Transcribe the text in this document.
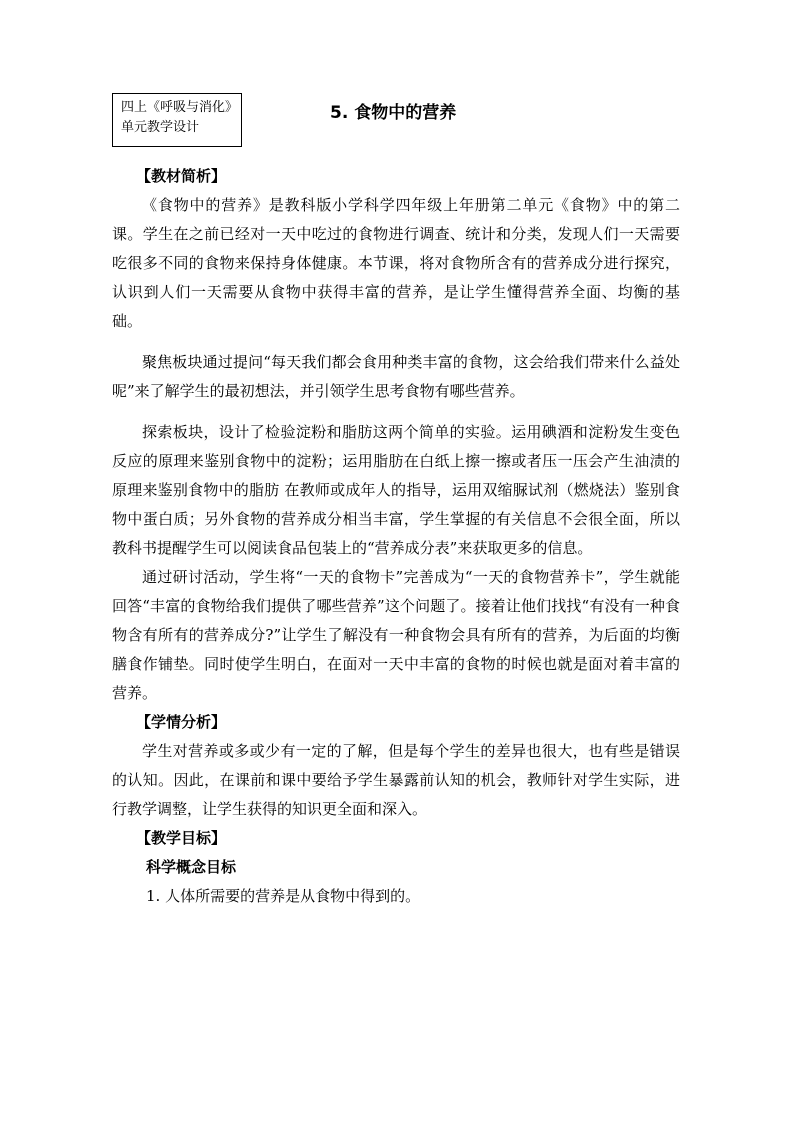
四上《呼吸与消化》
单元教学设计
5. 食物中的营养
【教材简析】

《食物中的营养》是教科版小学科学四年级上年册第二单元《食物》中的第二课。学生在之前已经对一天中吃过的食物进行调查、统计和分类，发现人们一天需要吃很多不同的食物来保持身体健康。本节课，将对食物所含有的营养成分进行探究，认识到人们一天需要从食物中获得丰富的营养，是让学生懂得营养全面、均衡的基础。

聚焦板块通过提问“每天我们都会食用种类丰富的食物，这会给我们带来什么益处呢”来了解学生的最初想法，并引领学生思考食物有哪些营养。

探索板块，设计了检验淀粉和脂肪这两个简单的实验。运用碘酒和淀粉发生变色反应的原理来鉴别食物中的淀粉；运用脂肪在白纸上擦一擦或者压一压会产生油渍的原理来鉴别食物中的脂肪 在教师或成年人的指导，运用双缩脲试剂（燃烧法）鉴别食物中蛋白质；另外食物的营养成分相当丰富，学生掌握的有关信息不会很全面，所以教科书提醒学生可以阅读食品包装上的“营养成分表”来获取更多的信息。

通过研讨活动，学生将“一天的食物卡”完善成为“一天的食物营养卡”，学生就能回答“丰富的食物给我们提供了哪些营养”这个问题了。接着让他们找找“有没有一种食物含有所有的营养成分?”让学生了解没有一种食物会具有所有的营养，为后面的均衡膳食作铺垫。同时使学生明白，在面对一天中丰富的食物的时候也就是面对着丰富的营养。

【学情分析】

学生对营养或多或少有一定的了解，但是每个学生的差异也很大，也有些是错误的认知。因此，在课前和课中要给予学生暴露前认知的机会，教师针对学生实际，进行教学调整，让学生获得的知识更全面和深入。

【教学目标】
科学概念目标

1. 人体所需要的营养是从食物中得到的。
